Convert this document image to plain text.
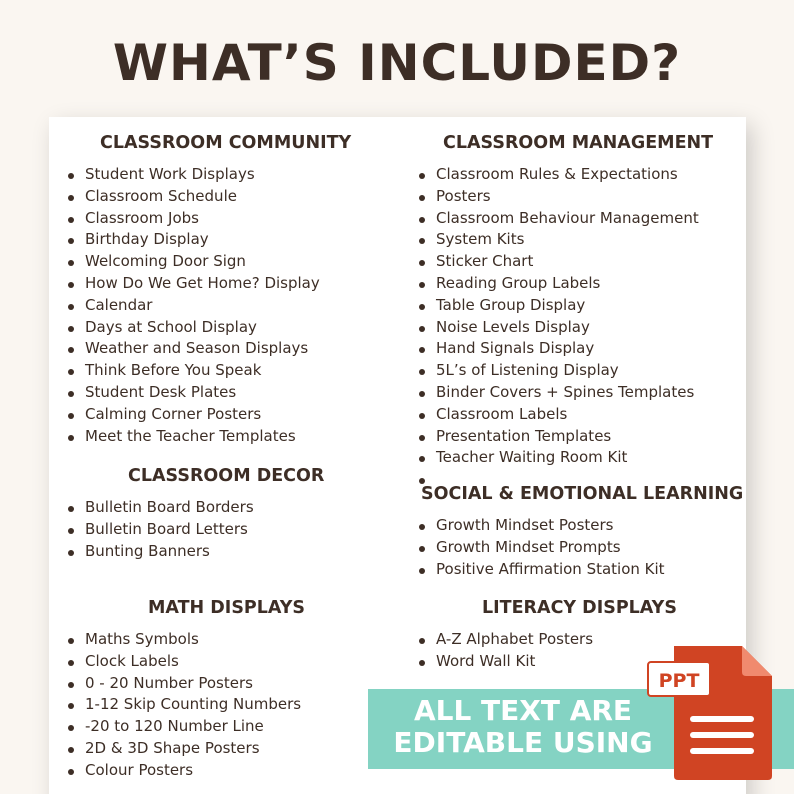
WHAT’S INCLUDED?
CLASSROOM COMMUNITY
Student Work Displays
Classroom Schedule
Classroom Jobs
Birthday Display
Welcoming Door Sign
How Do We Get Home? Display
Calendar
Days at School Display
Weather and Season Displays
Think Before You Speak
Student Desk Plates
Calming Corner Posters
Meet the Teacher Templates
CLASSROOM DECOR
Bulletin Board Borders
Bulletin Board Letters
Bunting Banners
MATH DISPLAYS
Maths Symbols
Clock Labels
0 - 20 Number Posters
1-12 Skip Counting Numbers
-20 to 120 Number Line
2D & 3D Shape Posters
Colour Posters
CLASSROOM MANAGEMENT
Classroom Rules & Expectations
Posters
Classroom Behaviour Management
System Kits
Sticker Chart
Reading Group Labels
Table Group Display
Noise Levels Display
Hand Signals Display
5L’s of Listening Display
Binder Covers + Spines Templates
Classroom Labels
Presentation Templates
Teacher Waiting Room Kit

SOCIAL & EMOTIONAL LEARNING
Growth Mindset Posters
Growth Mindset Prompts
Positive Affirmation Station Kit
LITERACY DISPLAYS
A-Z Alphabet Posters
Word Wall Kit
ALL TEXT ARE
EDITABLE USING
PPT
